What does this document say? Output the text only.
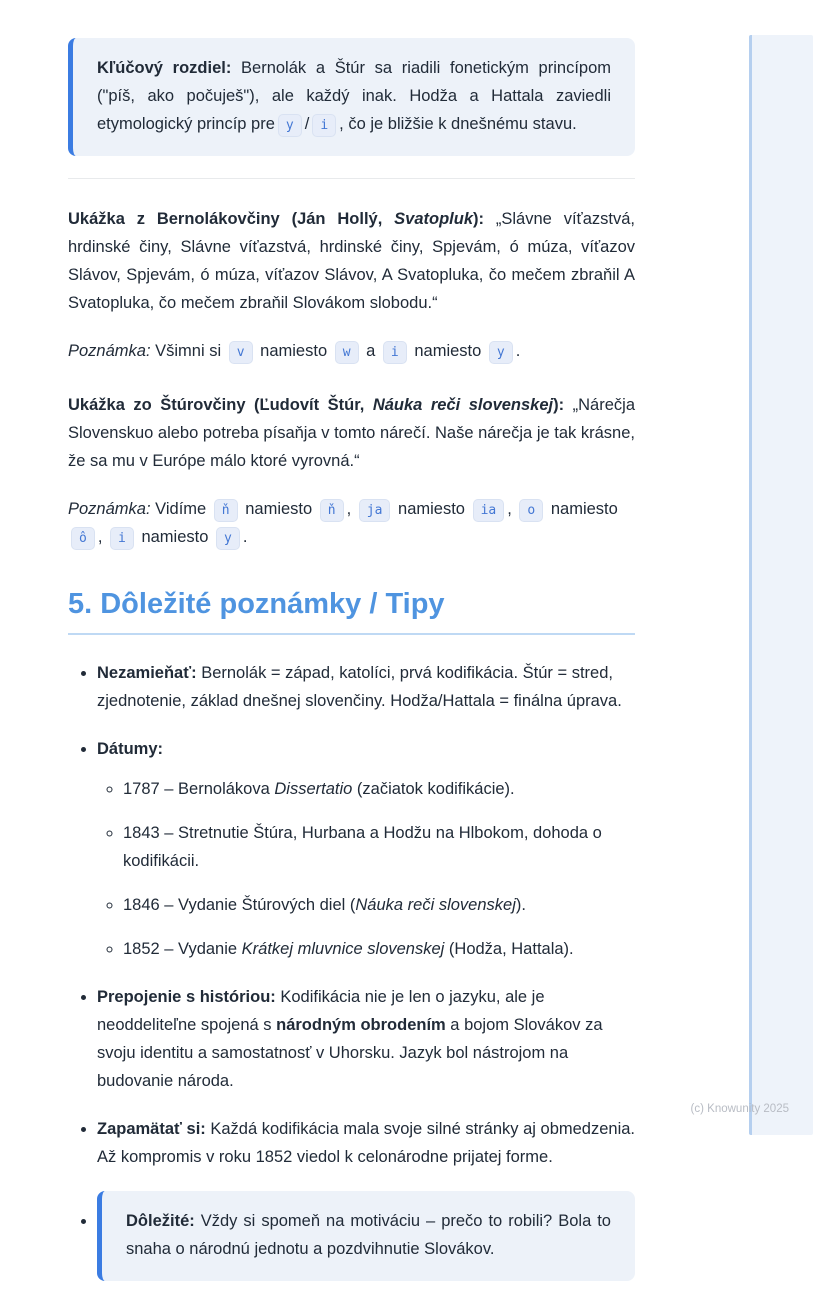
Kľúčový rozdiel: Bernolák a Štúr sa riadili fonetickým princípom ("píš, ako počuješ"), ale každý inak. Hodža a Hattala zaviedli etymologický princíp pre y / i , čo je bližšie k dnešnému stavu.

Ukážka z Bernolákovčiny (Ján Hollý, Svatopluk): „Slávne víťazstvá, hrdinské činy, Slávne víťazstvá, hrdinské činy, Spjevám, ó múza, víťazov Slávov, Spjevám, ó múza, víťazov Slávov, A Svatopluka, čo mečem zbraňil A Svatopluka, čo mečem zbraňil Slovákom slobodu.“

Poznámka: Všimni si v namiesto w a i namiesto y .

Ukážka zo Štúrovčiny (Ľudovít Štúr, Náuka reči slovenskej): „Nárečja Slovenskuo alebo potreba písaňja v tomto nárečí. Naše nárečja je tak krásne, že sa mu v Európe málo ktoré vyrovná.“

Poznámka: Vidíme ň namiesto ň , ja namiesto ia , o namiesto ô , i namiesto y .

5. Dôležité poznámky / Tipy
• Nezamieňať: Bernolák = západ, katolíci, prvá kodifikácia. Štúr = stred, zjednotenie, základ dnešnej slovenčiny. Hodža/Hattala = finálna úprava.
• Dátumy:
◦ 1787 – Bernolákova Dissertatio (začiatok kodifikácie).
◦ 1843 – Stretnutie Štúra, Hurbana a Hodžu na Hlbokom, dohoda o kodifikácii.
◦ 1846 – Vydanie Štúrových diel (Náuka reči slovenskej).
◦ 1852 – Vydanie Krátkej mluvnice slovenskej (Hodža, Hattala).
• Prepojenie s históriou: Kodifikácia nie je len o jazyku, ale je neoddeliteľne spojená s národným obrodením a bojom Slovákov za svoju identitu a samostatnosť v Uhorsku. Jazyk bol nástrojom na budovanie národa.
• Zapamätať si: Každá kodifikácia mala svoje silné stránky aj obmedzenia. Až kompromis v roku 1852 viedol k celonárodne prijatej forme.

• Dôležité: Vždy si spomeň na motiváciu – prečo to robili? Bola to snaha o národnú jednotu a pozdvihnutie Slovákov.

(c) Knowunity 2025
